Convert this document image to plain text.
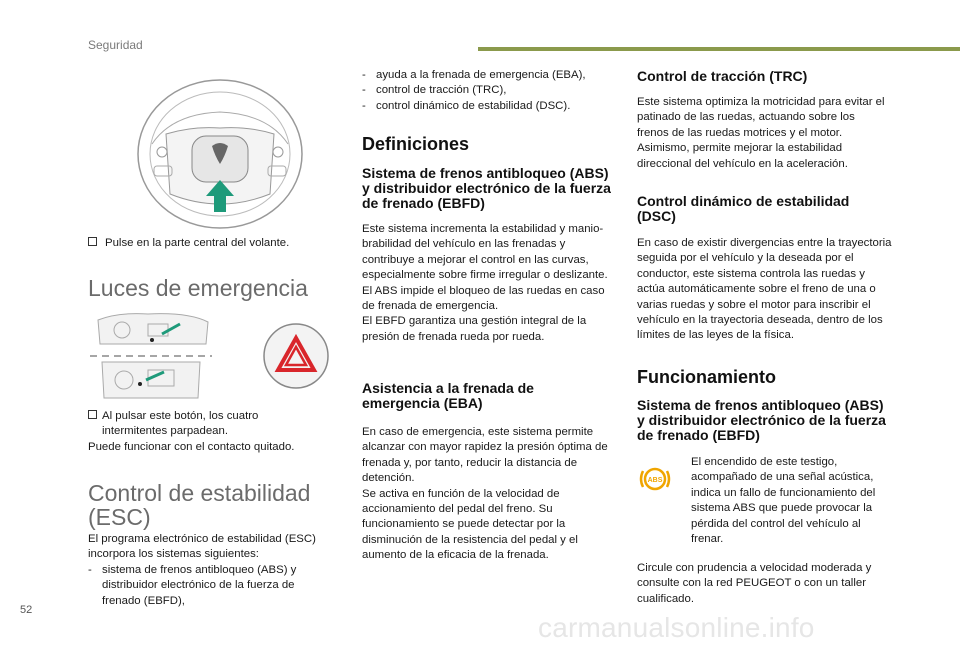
Seguridad
Pulse en la parte central del volante.
Luces de emergencia
Al pulsar este botón, los cuatro intermitentes parpadean.

Puede funcionar con el contacto quitado.

Control de estabilidad
(ESC)

El programa electrónico de estabilidad (ESC) incorpora los sistemas siguientes:

- sistema de frenos antibloqueo (ABS) y distribuidor electrónico de la fuerza de frenado (EBFD),
- ayuda a la frenada de emergencia (EBA),
- control de tracción (TRC),
- control dinámico de estabilidad (DSC).
Definiciones
Sistema de frenos antibloqueo (ABS) y distribuidor electrónico de la fuerza de frenado (EBFD)

Este sistema incrementa la estabilidad y maniobrabilidad del vehículo en las frenadas y contribuye a mejorar el control en las curvas, especialmente sobre firme irregular o deslizante.

El ABS impide el bloqueo de las ruedas en caso de frenada de emergencia.

El EBFD garantiza una gestión integral de la presión de frenada rueda por rueda.

Asistencia a la frenada de emergencia (EBA)

En caso de emergencia, este sistema permite alcanzar con mayor rapidez la presión óptima de frenada y, por tanto, reducir la distancia de detención.

Se activa en función de la velocidad de accionamiento del pedal del freno. Su funcionamiento se puede detectar por la disminución de la resistencia del pedal y el aumento de la eficacia de la frenada.

Control de tracción (TRC)
Este sistema optimiza la motricidad para evitar el patinado de las ruedas, actuando sobre los frenos de las ruedas motrices y el motor. Asimismo, permite mejorar la estabilidad direccional del vehículo en la aceleración.
Control dinámico de estabilidad (DSC)
En caso de existir divergencias entre la trayectoria seguida por el vehículo y la deseada por el conductor, este sistema controla las ruedas y actúa automáticamente sobre el freno de una o varias ruedas y sobre el motor para inscribir el vehículo en la trayectoria deseada, dentro de los límites de las leyes de la física.
Funcionamiento
Sistema de frenos antibloqueo (ABS) y distribuidor electrónico de la fuerza de frenado (EBFD)
ABS
El encendido de este testigo, acompañado de una señal acústica, indica un fallo de funcionamiento del sistema ABS que puede provocar la pérdida del control del vehículo al frenar.
Circule con prudencia a velocidad moderada y consulte con la red PEUGEOT o con un taller cualificado.
52
carmanualsonline.info
